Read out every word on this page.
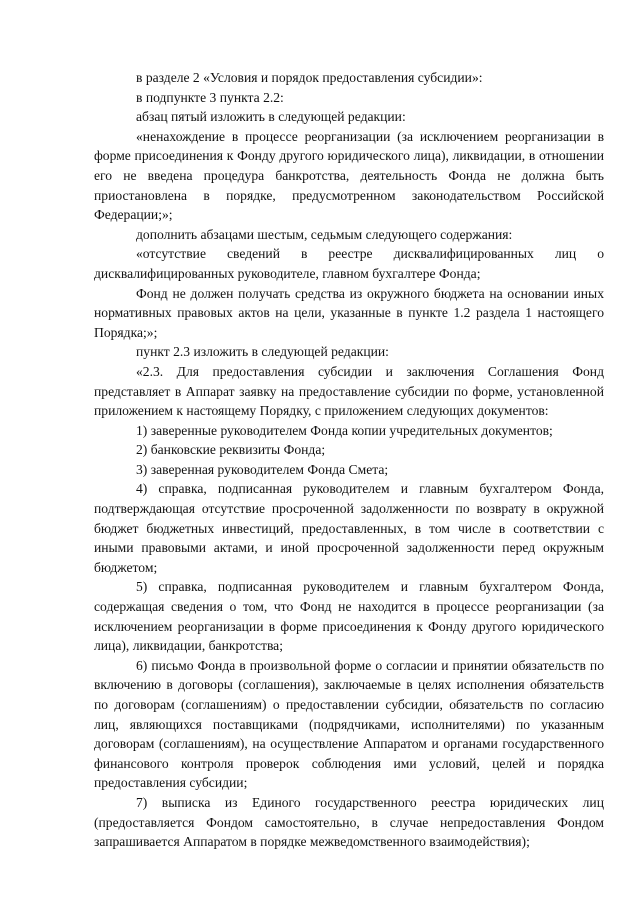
в разделе 2 «Условия и порядок предоставления субсидии»:

в подпункте 3 пункта 2.2:

абзац пятый изложить в следующей редакции:

«ненахождение в процессе реорганизации (за исключением реорганизации в форме присоединения к Фонду другого юридического лица), ликвидации, в отношении его не введена процедура банкротства, деятельность Фонда не должна быть приостановлена в порядке, предусмотренном законодательством Российской Федерации;»;

дополнить абзацами шестым, седьмым следующего содержания:

«отсутствие сведений в реестре дисквалифицированных лиц о дисквалифицированных руководителе, главном бухгалтере Фонда;

Фонд не должен получать средства из окружного бюджета на основании иных нормативных правовых актов на цели, указанные в пункте 1.2 раздела 1 настоящего Порядка;»;

пункт 2.3 изложить в следующей редакции:

«2.3. Для предоставления субсидии и заключения Соглашения Фонд представляет в Аппарат заявку на предоставление субсидии по форме, установленной приложением к настоящему Порядку, с приложением следующих документов:

1) заверенные руководителем Фонда копии учредительных документов;

2) банковские реквизиты Фонда;

3) заверенная руководителем Фонда Смета;

4) справка, подписанная руководителем и главным бухгалтером Фонда, подтверждающая отсутствие просроченной задолженности по возврату в окружной бюджет бюджетных инвестиций, предоставленных, в том числе в соответствии с иными правовыми актами, и иной просроченной задолженности перед окружным бюджетом;

5) справка, подписанная руководителем и главным бухгалтером Фонда, содержащая сведения о том, что Фонд не находится в процессе реорганизации (за исключением реорганизации в форме присоединения к Фонду другого юридического лица), ликвидации, банкротства;

6) письмо Фонда в произвольной форме о согласии и принятии обязательств по включению в договоры (соглашения), заключаемые в целях исполнения обязательств по договорам (соглашениям) о предоставлении субсидии, обязательств по согласию лиц, являющихся поставщиками (подрядчиками, исполнителями) по указанным договорам (соглашениям), на осуществление Аппаратом и органами государственного финансового контроля проверок соблюдения ими условий, целей и порядка предоставления субсидии;

7) выписка из Единого государственного реестра юридических лиц (предоставляется Фондом самостоятельно, в случае непредоставления Фондом запрашивается Аппаратом в порядке межведомственного взаимодействия);
